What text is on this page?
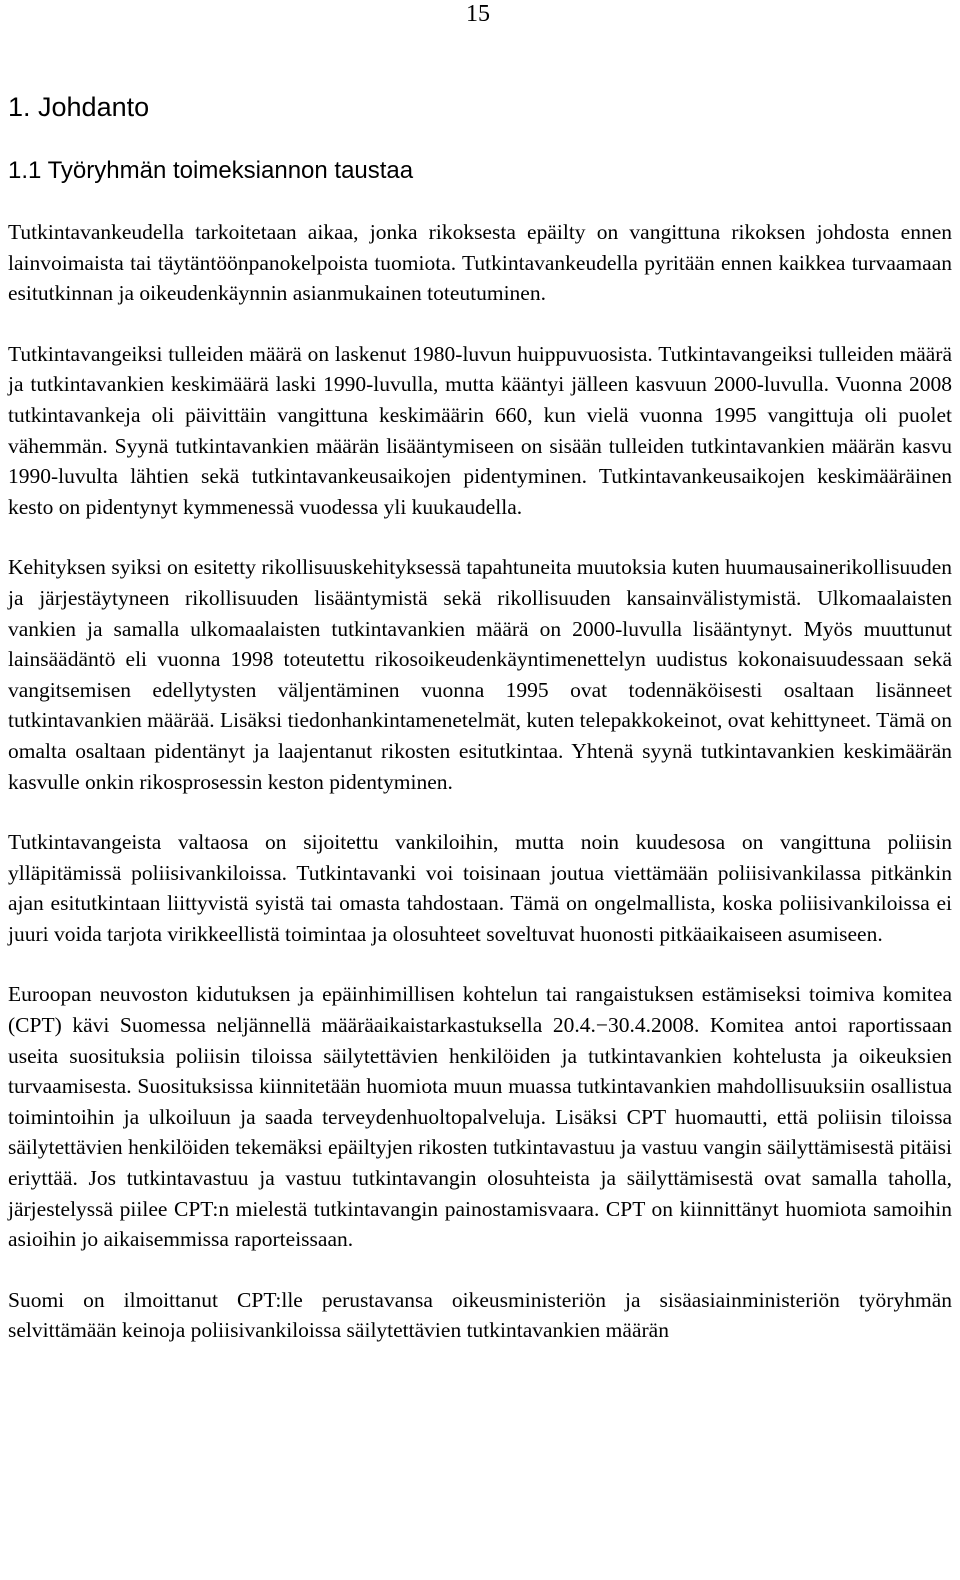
15
1. Johdanto
1.1 Työryhmän toimeksiannon taustaa

Tutkintavankeudella tarkoitetaan aikaa, jonka rikoksesta epäilty on vangittuna rikoksen johdosta ennen lainvoimaista tai täytäntöönpanokelpoista tuomiota. Tutkintavankeudella pyritään ennen kaikkea turvaamaan esitutkinnan ja oikeudenkäynnin asianmukainen toteutuminen.

Tutkintavangeiksi tulleiden määrä on laskenut 1980-luvun huippuvuosista. Tutkintavangeiksi tulleiden määrä ja tutkintavankien keskimäärä laski 1990-luvulla, mutta kääntyi jälleen kasvuun 2000-luvulla. Vuonna 2008 tutkintavankeja oli päivittäin vangittuna keskimäärin 660, kun vielä vuonna 1995 vangittuja oli puolet vähemmän. Syynä tutkintavankien määrän lisääntymiseen on sisään tulleiden tutkintavankien määrän kasvu 1990-luvulta lähtien sekä tutkintavankeusaikojen pidentyminen. Tutkintavankeusaikojen keskimääräinen kesto on pidentynyt kymmenessä vuodessa yli kuukaudella.

Kehityksen syiksi on esitetty rikollisuuskehityksessä tapahtuneita muutoksia kuten huumausainerikollisuuden ja järjestäytyneen rikollisuuden lisääntymistä sekä rikollisuuden kansainvälistymistä. Ulkomaalaisten vankien ja samalla ulkomaalaisten tutkintavankien määrä on 2000-luvulla lisääntynyt. Myös muuttunut lainsäädäntö eli vuonna 1998 toteutettu rikosoikeudenkäyntimenettelyn uudistus kokonaisuudessaan sekä vangitsemisen edellytysten väljentäminen vuonna 1995 ovat todennäköisesti osaltaan lisänneet tutkintavankien määrää. Lisäksi tiedonhankintamenetelmät, kuten telepakkokeinot, ovat kehittyneet. Tämä on omalta osaltaan pidentänyt ja laajentanut rikosten esitutkintaa. Yhtenä syynä tutkintavankien keskimäärän kasvulle onkin rikosprosessin keston pidentyminen.

Tutkintavangeista valtaosa on sijoitettu vankiloihin, mutta noin kuudesosa on vangittuna poliisin ylläpitämissä poliisivankiloissa. Tutkintavanki voi toisinaan joutua viettämään poliisivankilassa pitkänkin ajan esitutkintaan liittyvistä syistä tai omasta tahdostaan. Tämä on ongelmallista, koska poliisivankiloissa ei juuri voida tarjota virikkeellistä toimintaa ja olosuhteet soveltuvat huonosti pitkäaikaiseen asumiseen.

Euroopan neuvoston kidutuksen ja epäinhimillisen kohtelun tai rangaistuksen estämiseksi toimiva komitea (CPT) kävi Suomessa neljännellä määräaikaistarkastuksella 20.4.−30.4.2008. Komitea antoi raportissaan useita suosituksia poliisin tiloissa säilytettävien henkilöiden ja tutkintavankien kohtelusta ja oikeuksien turvaamisesta. Suosituksissa kiinnitetään huomiota muun muassa tutkintavankien mahdollisuuksiin osallistua toimintoihin ja ulkoiluun ja saada terveydenhuoltopalveluja. Lisäksi CPT huomautti, että poliisin tiloissa säilytettävien henkilöiden tekemäksi epäiltyjen rikosten tutkintavastuu ja vastuu vangin säilyttämisestä pitäisi eriyttää. Jos tutkintavastuu ja vastuu tutkintavangin olosuhteista ja säilyttämisestä ovat samalla taholla, järjestelyssä piilee CPT:n mielestä tutkintavangin painostamisvaara. CPT on kiinnittänyt huomiota samoihin asioihin jo aikaisemmissa raporteissaan.

Suomi on ilmoittanut CPT:lle perustavansa oikeusministeriön ja sisäasiainministeriön työryhmän selvittämään keinoja poliisivankiloissa säilytettävien tutkintavankien määrän
